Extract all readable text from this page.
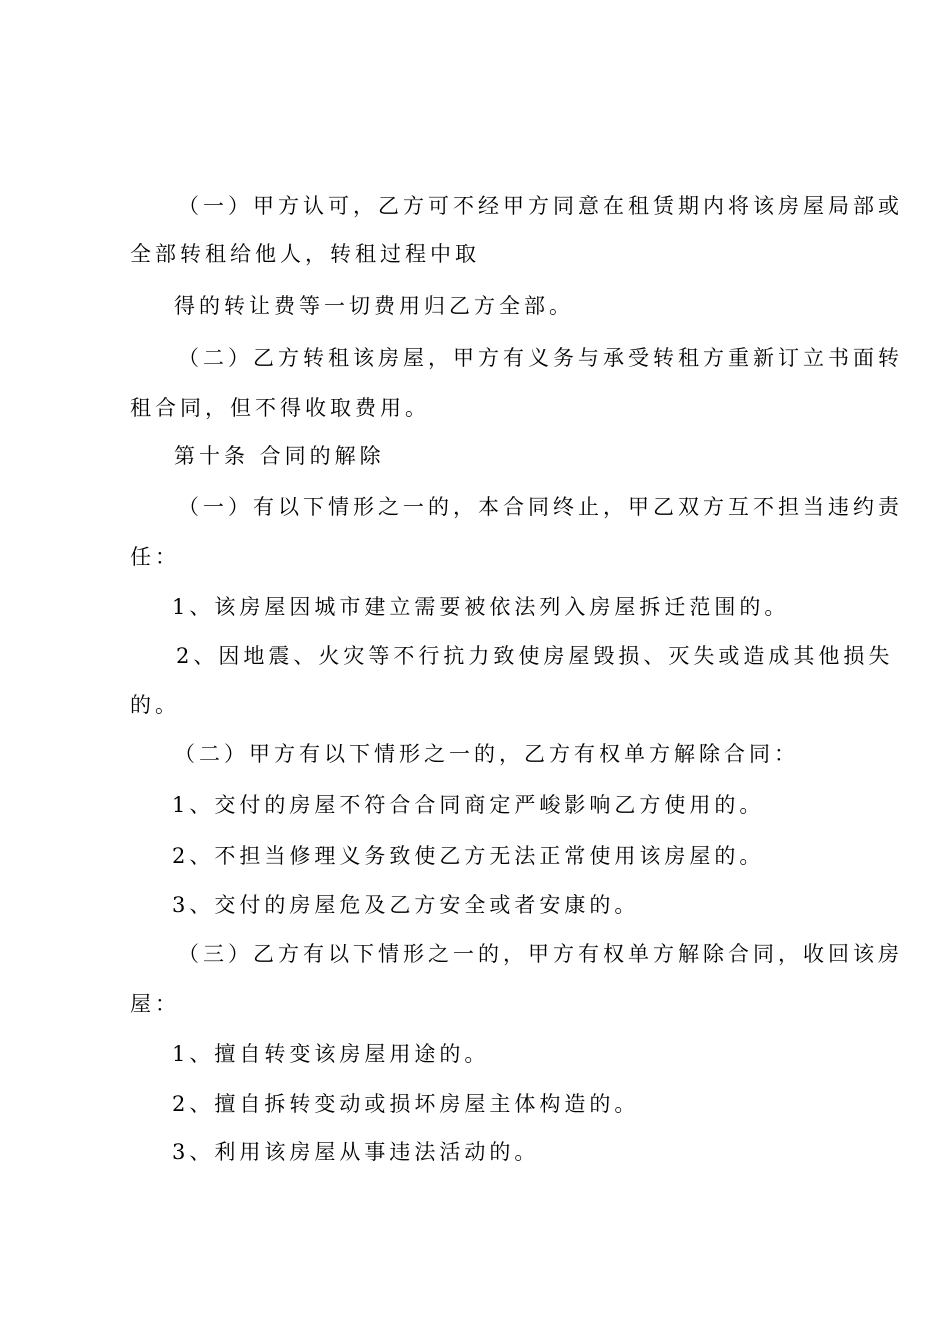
（一）甲方认可，乙方可不经甲方同意在租赁期内将该房屋局部或
全部转租给他人，转租过程中取
得的转让费等一切费用归乙方全部。
（二）乙方转租该房屋，甲方有义务与承受转租方重新订立书面转
租合同，但不得收取费用。
第十条 合同的解除
（一）有以下情形之一的，本合同终止，甲乙双方互不担当违约责
任：
1、该房屋因城市建立需要被依法列入房屋拆迁范围的。
2、因地震、火灾等不行抗力致使房屋毁损、灭失或造成其他损失
的。
（二）甲方有以下情形之一的，乙方有权单方解除合同：
1、交付的房屋不符合合同商定严峻影响乙方使用的。
2、不担当修理义务致使乙方无法正常使用该房屋的。
3、交付的房屋危及乙方安全或者安康的。
（三）乙方有以下情形之一的，甲方有权单方解除合同，收回该房
屋：
1、擅自转变该房屋用途的。
2、擅自拆转变动或损坏房屋主体构造的。
3、利用该房屋从事违法活动的。
